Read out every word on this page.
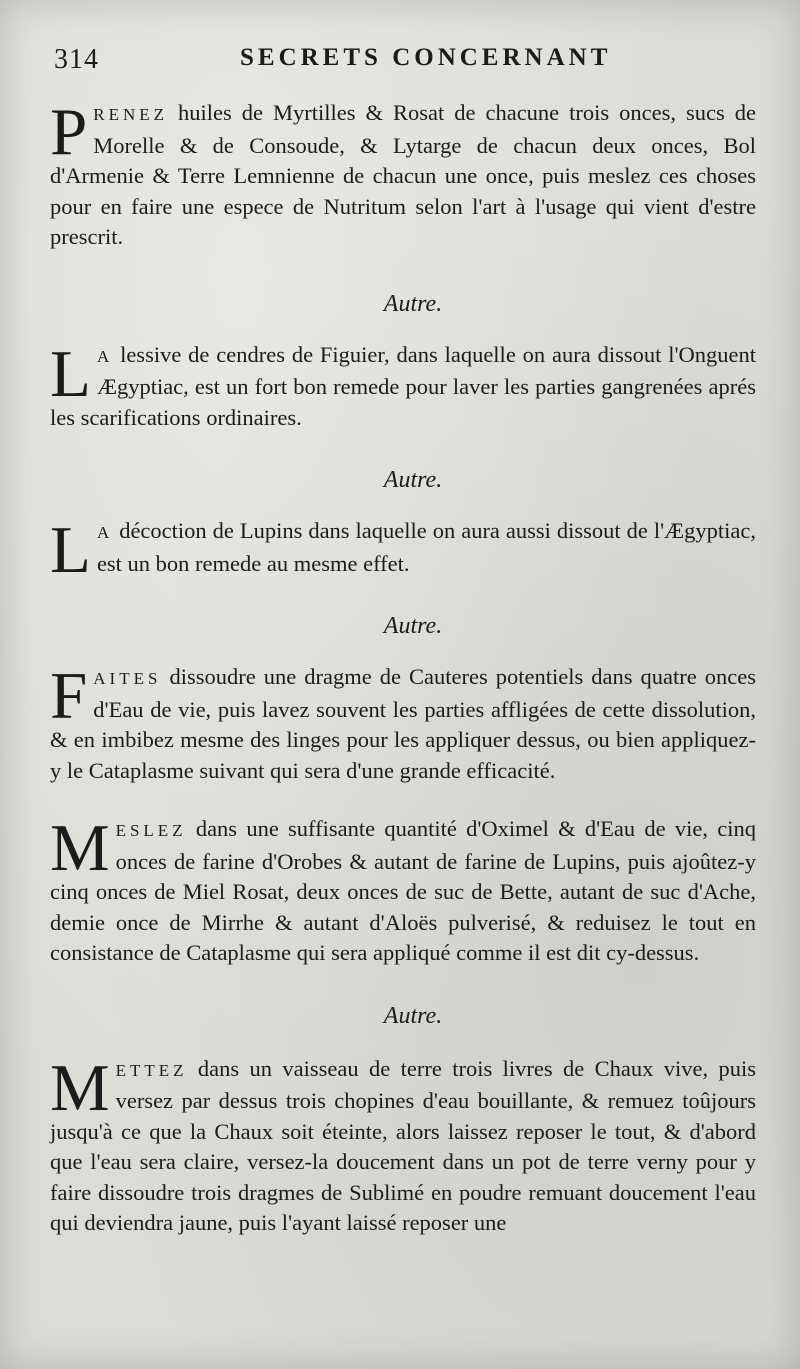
314	SECRETS CONCERNANT

PRENEZ huiles de Myrtilles & Rosat de chacune trois onces, sucs de Morelle & de Consoude, & Lytarge de chacun deux onces, Bol d'Armenie & Terre Lemnienne de chacun une once, puis meslez ces choses pour en faire une espece de Nutritum selon l'art à l'usage qui vient d'estre prescrit.

Autre.

L A lessive de cendres de Figuier, dans laquelle on aura dissout l'Onguent Ægyptiac, est un fort bon remede pour laver les parties gangrenées aprés les scarifications ordinaires.

Autre.

L A décoction de Lupins dans laquelle on aura aussi dissout de l'Ægyptiac, est un bon remede au mesme effet.

Autre.

FAITES dissoudre une dragme de Cauteres potentiels dans quatre onces d'Eau de vie, puis lavez souvent les parties affligées de cette dissolution, & en imbibez mesme des linges pour les appliquer dessus, ou bien appliquez-y le Cataplasme suivant qui sera d'une grande efficacité.

MESLEZ dans une suffisante quantité d'Oximel & d'Eau de vie, cinq onces de farine d'Orobes & autant de farine de Lupins, puis ajoûtez-y cinq onces de Miel Rosat, deux onces de suc de Bette, autant de suc d'Ache, demie once de Mirrhe & autant d'Aloës pulverisé, & reduisez le tout en consistance de Cataplasme qui sera appliqué comme il est dit cy-dessus.

Autre.

METTEZ dans un vaisseau de terre trois livres de Chaux vive, puis versez par dessus trois chopines d'eau bouillante, & remuez toûjours jusqu'à ce que la Chaux soit éteinte, alors laissez reposer le tout, & d'abord que l'eau sera claire, versez-la doucement dans un pot de terre verny pour y faire dissoudre trois dragmes de Sublimé en poudre remuant doucement l'eau qui deviendra jaune, puis l'ayant laissé reposer une
